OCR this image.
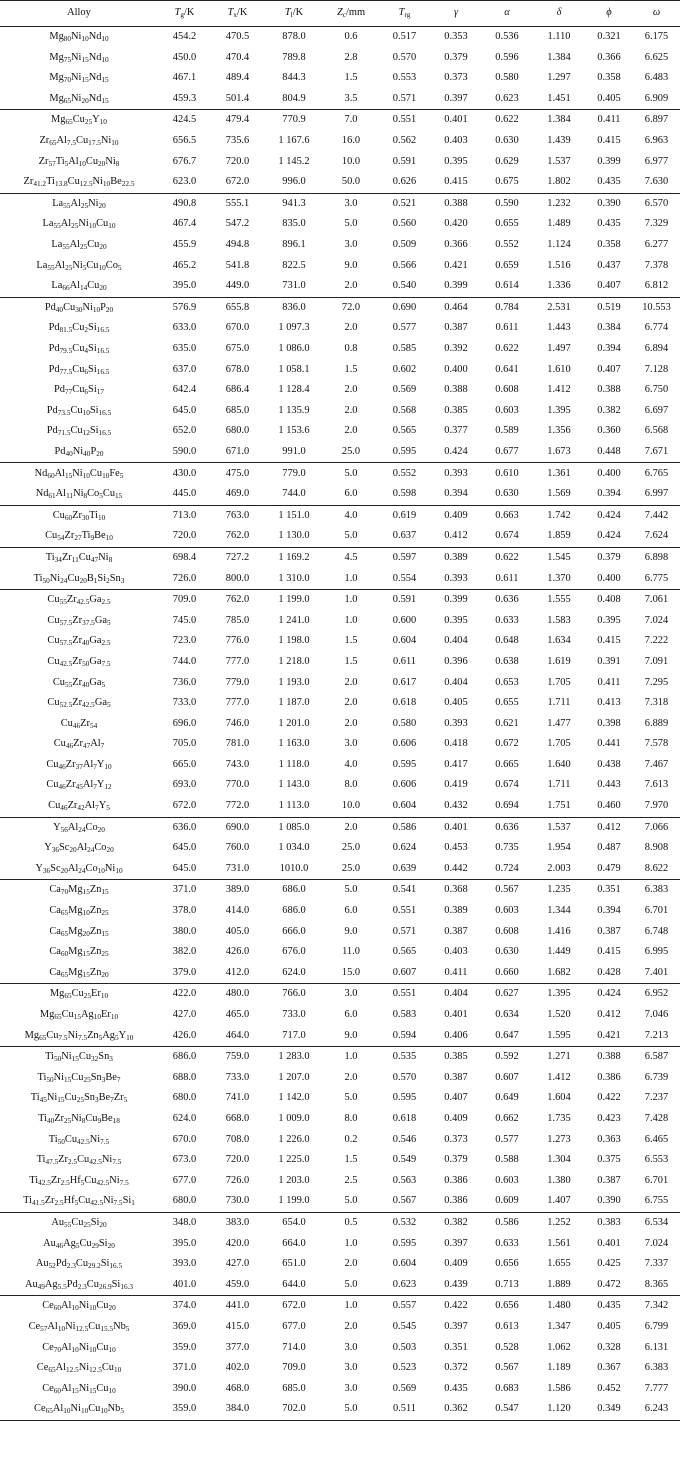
Alloy	$T_g/K$	$T_x/K$	$T_l/K$	$Z_c/mm$	$T_{rg}$	γ	α	δ	ϕ	ω
$Mg_{80}Ni_{10}Nd_{10}$	454.2	470.5	878.0	0.6	0.517	0.353	0.536	1.110	0.321	6.175
$Mg_{75}Ni_{15}Nd_{10}$	450.0	470.4	789.8	2.8	0.570	0.379	0.596	1.384	0.366	6.625
$Mg_{70}Ni_{15}Nd_{15}$	467.1	489.4	844.3	1.5	0.553	0.373	0.580	1.297	0.358	6.483
$Mg_{65}Ni_{20}Nd_{15}$	459.3	501.4	804.9	3.5	0.571	0.397	0.623	1.451	0.405	6.909
$Mg_{65}Cu_{25}Y_{10}$	424.5	479.4	770.9	7.0	0.551	0.401	0.622	1.384	0.411	6.897
$Zr_{65}Al_{7.5}Cu_{17.5}Ni_{10}$	656.5	735.6	1 167.6	16.0	0.562	0.403	0.630	1.439	0.415	6.963
$Zr_{57}Ti_5Al_{10}Cu_{20}Ni_8$	676.7	720.0	1 145.2	10.0	0.591	0.395	0.629	1.537	0.399	6.977
$Zr_{41.2}Ti_{13.8}Cu_{12.5}Ni_{10}Be_{22.5}$	623.0	672.0	996.0	50.0	0.626	0.415	0.675	1.802	0.435	7.630
$La_{55}Al_{25}Ni_{20}$	490.8	555.1	941.3	3.0	0.521	0.388	0.590	1.232	0.390	6.570
$La_{55}Al_{25}Ni_{10}Cu_{10}$	467.4	547.2	835.0	5.0	0.560	0.420	0.655	1.489	0.435	7.329
$La_{55}Al_{25}Cu_{20}$	455.9	494.8	896.1	3.0	0.509	0.366	0.552	1.124	0.358	6.277
$La_{55}Al_{25}Ni_5Cu_{10}Co_5$	465.2	541.8	822.5	9.0	0.566	0.421	0.659	1.516	0.437	7.378
$La_{66}Al_{14}Cu_{20}$	395.0	449.0	731.0	2.0	0.540	0.399	0.614	1.336	0.407	6.812
$Pd_{40}Cu_{30}Ni_{10}P_{20}$	576.9	655.8	836.0	72.0	0.690	0.464	0.784	2.531	0.519	10.553
$Pd_{81.5}Cu_2Si_{16.5}$	633.0	670.0	1 097.3	2.0	0.577	0.387	0.611	1.443	0.384	6.774
$Pd_{79.5}Cu_4Si_{16.5}$	635.0	675.0	1 086.0	0.8	0.585	0.392	0.622	1.497	0.394	6.894
$Pd_{77.5}Cu_6Si_{16.5}$	637.0	678.0	1 058.1	1.5	0.602	0.400	0.641	1.610	0.407	7.128
$Pd_{77}Cu_6Si_{17}$	642.4	686.4	1 128.4	2.0	0.569	0.388	0.608	1.412	0.388	6.750
$Pd_{73.5}Cu_{10}Si_{16.5}$	645.0	685.0	1 135.9	2.0	0.568	0.385	0.603	1.395	0.382	6.697
$Pd_{71.5}Cu_{12}Si_{16.5}$	652.0	680.0	1 153.6	2.0	0.565	0.377	0.589	1.356	0.360	6.568
$Pd_{40}Ni_{40}P_{20}$	590.0	671.0	991.0	25.0	0.595	0.424	0.677	1.673	0.448	7.671
$Nd_{60}Al_{15}Ni_{10}Cu_{10}Fe_5$	430.0	475.0	779.0	5.0	0.552	0.393	0.610	1.361	0.400	6.765
$Nd_{61}Al_{11}Ni_8Co_5Cu_{15}$	445.0	469.0	744.0	6.0	0.598	0.394	0.630	1.569	0.394	6.997
$Cu_{60}Zr_{30}Ti_{10}$	713.0	763.0	1 151.0	4.0	0.619	0.409	0.663	1.742	0.424	7.442
$Cu_{54}Zr_{27}Ti_9Be_{10}$	720.0	762.0	1 130.0	5.0	0.637	0.412	0.674	1.859	0.424	7.624
$Ti_{34}Zr_{11}Cu_{47}Ni_8$	698.4	727.2	1 169.2	4.5	0.597	0.389	0.622	1.545	0.379	6.898
$Ti_{50}Ni_{24}Cu_{20}B_1Si_2Sn_3$	726.0	800.0	1 310.0	1.0	0.554	0.393	0.611	1.370	0.400	6.775
$Cu_{55}Zr_{42.5}Ga_{2.5}$	709.0	762.0	1 199.0	1.0	0.591	0.399	0.636	1.555	0.408	7.061
$Cu_{57.5}Zr_{37.5}Ga_5$	745.0	785.0	1 241.0	1.0	0.600	0.395	0.633	1.583	0.395	7.024
$Cu_{57.5}Zr_{40}Ga_{2.5}$	723.0	776.0	1 198.0	1.5	0.604	0.404	0.648	1.634	0.415	7.222
$Cu_{42.5}Zr_{50}Ga_{7.5}$	744.0	777.0	1 218.0	1.5	0.611	0.396	0.638	1.619	0.391	7.091
$Cu_{55}Zr_{40}Ga_5$	736.0	779.0	1 193.0	2.0	0.617	0.404	0.653	1.705	0.411	7.295
$Cu_{52.5}Zr_{42.5}Ga_5$	733.0	777.0	1 187.0	2.0	0.618	0.405	0.655	1.711	0.413	7.318
$Cu_{46}Zr_{54}$	696.0	746.0	1 201.0	2.0	0.580	0.393	0.621	1.477	0.398	6.889
$Cu_{46}Zr_{47}Al_7$	705.0	781.0	1 163.0	3.0	0.606	0.418	0.672	1.705	0.441	7.578
$Cu_{46}Zr_{37}Al_7Y_{10}$	665.0	743.0	1 118.0	4.0	0.595	0.417	0.665	1.640	0.438	7.467
$Cu_{46}Zr_{45}Al_7Y_{12}$	693.0	770.0	1 143.0	8.0	0.606	0.419	0.674	1.711	0.443	7.613
$Cu_{46}Zr_{42}Al_7Y_5$	672.0	772.0	1 113.0	10.0	0.604	0.432	0.694	1.751	0.460	7.970
$Y_{56}Al_{24}Co_{20}$	636.0	690.0	1 085.0	2.0	0.586	0.401	0.636	1.537	0.412	7.066
$Y_{36}Sc_{20}Al_{24}Co_{20}$	645.0	760.0	1 034.0	25.0	0.624	0.453	0.735	1.954	0.487	8.908
$Y_{36}Sc_{20}Al_{24}Co_{10}Ni_{10}$	645.0	731.0	1010.0	25.0	0.639	0.442	0.724	2.003	0.479	8.622
$Ca_{70}Mg_{15}Zn_{15}$	371.0	389.0	686.0	5.0	0.541	0.368	0.567	1.235	0.351	6.383
$Ca_{65}Mg_{10}Zn_{25}$	378.0	414.0	686.0	6.0	0.551	0.389	0.603	1.344	0.394	6.701
$Ca_{65}Mg_{20}Zn_{15}$	380.0	405.0	666.0	9.0	0.571	0.387	0.608	1.416	0.387	6.748
$Ca_{60}Mg_{15}Zn_{25}$	382.0	426.0	676.0	11.0	0.565	0.403	0.630	1.449	0.415	6.995
$Ca_{65}Mg_{15}Zn_{20}$	379.0	412.0	624.0	15.0	0.607	0.411	0.660	1.682	0.428	7.401
$Mg_{65}Cu_{25}Er_{10}$	422.0	480.0	766.0	3.0	0.551	0.404	0.627	1.395	0.424	6.952
$Mg_{65}Cu_{15}Ag_{10}Er_{10}$	427.0	465.0	733.0	6.0	0.583	0.401	0.634	1.520	0.412	7.046
$Mg_{65}Cu_{7.5}Ni_{7.5}Zn_5Ag_5Y_{10}$	426.0	464.0	717.0	9.0	0.594	0.406	0.647	1.595	0.421	7.213
$Ti_{50}Ni_{15}Cu_{32}Sn_3$	686.0	759.0	1 283.0	1.0	0.535	0.385	0.592	1.271	0.388	6.587
$Ti_{50}Ni_{15}Cu_{25}Sn_3Be_7$	688.0	733.0	1 207.0	2.0	0.570	0.387	0.607	1.412	0.386	6.739
$Ti_{45}Ni_{15}Cu_{25}Sn_3Be_7Zr_5$	680.0	741.0	1 142.0	5.0	0.595	0.407	0.649	1.604	0.422	7.237
$Ti_{40}Zr_{25}Ni_8Cu_9Be_{18}$	624.0	668.0	1 009.0	8.0	0.618	0.409	0.662	1.735	0.423	7.428
$Ti_{50}Cu_{42.5}Ni_{7.5}$	670.0	708.0	1 226.0	0.2	0.546	0.373	0.577	1.273	0.363	6.465
$Ti_{47.5}Zr_{2.5}Cu_{42.5}Ni_{7.5}$	673.0	720.0	1 225.0	1.5	0.549	0.379	0.588	1.304	0.375	6.553
$Ti_{42.5}Zr_{2.5}Hf_5Cu_{42.5}Ni_{7.5}$	677.0	726.0	1 203.0	2.5	0.563	0.386	0.603	1.380	0.387	6.701
$Ti_{41.5}Zr_{2.5}Hf_5Cu_{42.5}Ni_{7.5}Si_1$	680.0	730.0	1 199.0	5.0	0.567	0.386	0.609	1.407	0.390	6.755
$Au_{55}Cu_{25}Si_{20}$	348.0	383.0	654.0	0.5	0.532	0.382	0.586	1.252	0.383	6.534
$Au_{46}Ag_5Cu_{29}Si_{20}$	395.0	420.0	664.0	1.0	0.595	0.397	0.633	1.561	0.401	7.024
$Au_{52}Pd_{2.3}Cu_{29.2}Si_{16.5}$	393.0	427.0	651.0	2.0	0.604	0.409	0.656	1.655	0.425	7.337
$Au_{49}Ag_{5.5}Pd_{2.3}Cu_{26.9}Si_{16.3}$	401.0	459.0	644.0	5.0	0.623	0.439	0.713	1.889	0.472	8.365
$Ce_{60}Al_{10}Ni_{10}Cu_{20}$	374.0	441.0	672.0	1.0	0.557	0.422	0.656	1.480	0.435	7.342
$Ce_{57}Al_{10}Ni_{12.5}Cu_{15.5}Nb_5$	369.0	415.0	677.0	2.0	0.545	0.397	0.613	1.347	0.405	6.799
$Ce_{70}Al_{10}Ni_{10}Cu_{10}$	359.0	377.0	714.0	3.0	0.503	0.351	0.528	1.062	0.328	6.131
$Ce_{65}Al_{12.5}Ni_{12.5}Cu_{10}$	371.0	402.0	709.0	3.0	0.523	0.372	0.567	1.189	0.367	6.383
$Ce_{60}Al_{15}Ni_{15}Cu_{10}$	390.0	468.0	685.0	3.0	0.569	0.435	0.683	1.586	0.452	7.777
$Ce_{65}Al_{10}Ni_{10}Cu_{10}Nb_5$	359.0	384.0	702.0	5.0	0.511	0.362	0.547	1.120	0.349	6.243
